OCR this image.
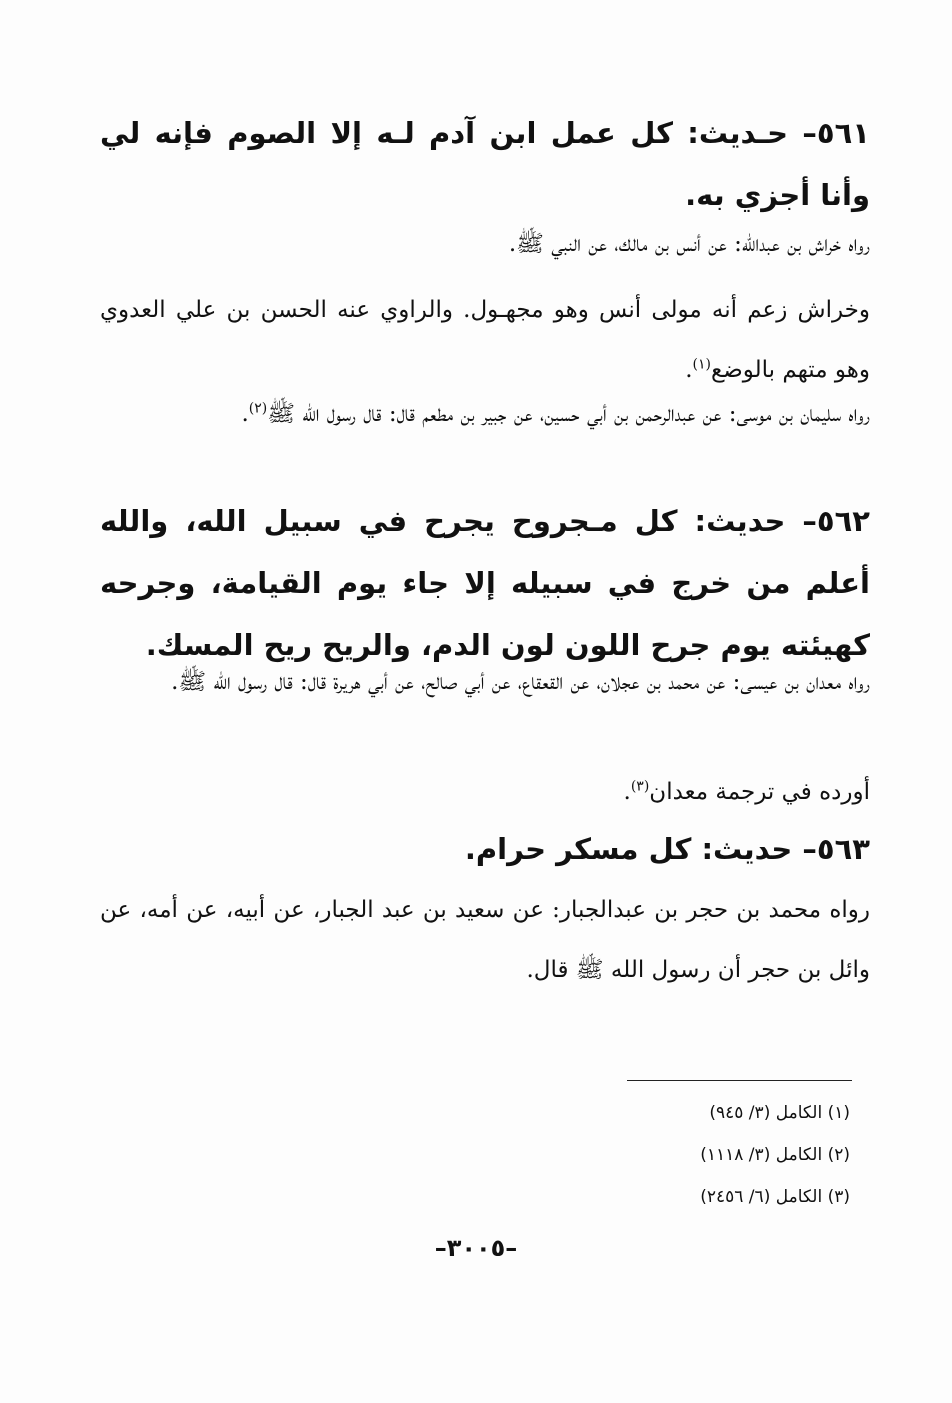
٥٦١– حـديث: كل عمل ابن آدم لـه إلا الصوم فإنه لي وأنا أجزي به.
رواه خراش بن عبدالله: عن أنس بن مالك، عن النبي ﷺ.
وخراش زعم أنه مولى أنس وهو مجهـول. والراوي عنه الحسن بن علي العدوي وهو متهم بالوضع$^{(١)}$.
رواه سليمان بن موسى: عن عبدالرحمن بن أبي حسين، عن جبير بن مطعم قال: قال رسول الله ﷺ$^{(٢)}$.
٥٦٢– حديث: كل مـجروح يجرح في سبيل الله، والله أعلم من خرج في سبيله إلا جاء يوم القيامة، وجرحه كهيئته يوم جرح اللون لون الدم، والريح ريح المسك.
رواه معدان بن عيسى: عن محمد بن عجلان، عن القعقاع، عن أبي صالح، عن أبي هريرة قال: قال رسول الله ﷺ.
أورده في ترجمة معدان$^{(٣)}$.
٥٦٣– حديث: كل مسكر حرام.
رواه محمد بن حجر بن عبدالجبار: عن سعيد بن عبد الجبار، عن أبيه، عن أمه، عن وائل بن حجر أن رسول الله ﷺ قال.
(١) الكامل (٣/ ٩٤٥)
(٢) الكامل (٣/ ١١١٨)
(٣) الكامل (٦/ ٢٤٥٦)
–٣٠٠٥–
